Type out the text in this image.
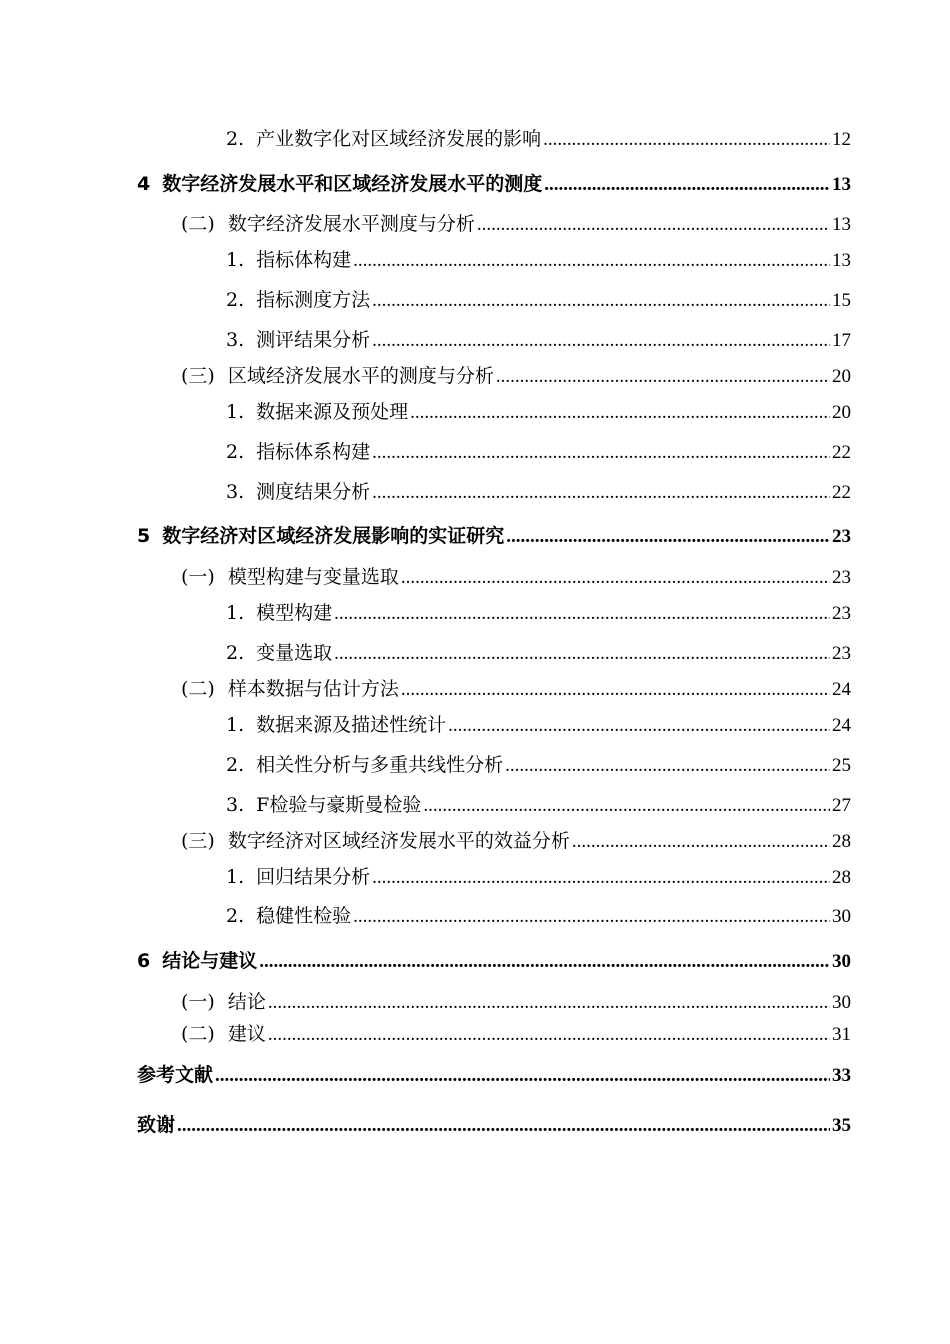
2. 产业数字化对区域经济发展的影响 .....	12
4 数字经济发展水平和区域经济发展水平的测度 .....	13
(二) 数字经济发展水平测度与分析 .....	13
1. 指标体构建 .....	13
2. 指标测度方法 .....	15
3. 测评结果分析 .....	17
(三) 区域经济发展水平的测度与分析 .....	20
1. 数据来源及预处理 .....	20
2. 指标体系构建 .....	22
3. 测度结果分析 .....	22
5 数字经济对区域经济发展影响的实证研究 .....	23
(一) 模型构建与变量选取 .....	23
1. 模型构建 .....	23
2. 变量选取 .....	23
(二) 样本数据与估计方法 .....	24
1. 数据来源及描述性统计 .....	24
2. 相关性分析与多重共线性分析 .....	25
3. F检验与豪斯曼检验 .....	27
(三) 数字经济对区域经济发展水平的效益分析 .....	28
1. 回归结果分析 .....	28
2. 稳健性检验 .....	30
6 结论与建议 .....	30
(一) 结论 .....	30
(二) 建议 .....	31
参考文献 .....	33
致谢 .....	35
